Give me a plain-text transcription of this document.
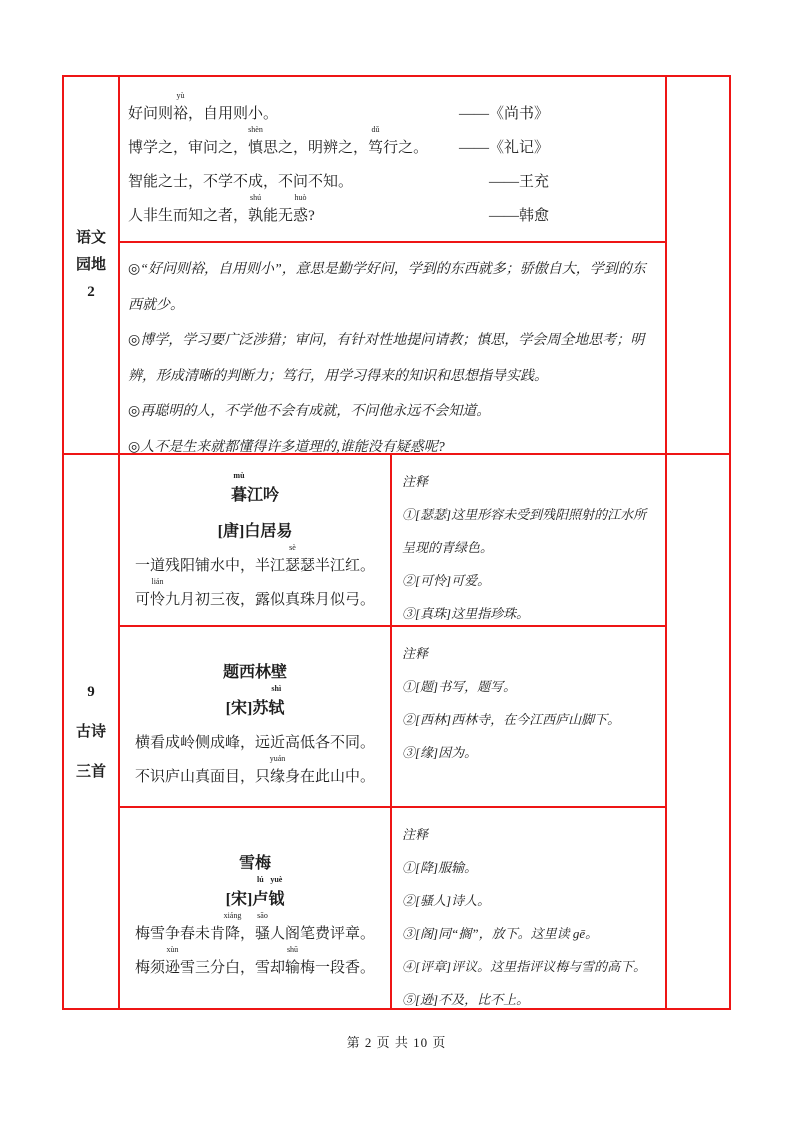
语文
园地
2
9
古诗
三首
好问则裕
yù
，自用则小。	——《尚书》
博学之，审问之，慎
shèn
思之，明辨之，笃
dǔ
行之。 ——《礼记》
智能之士，不学不成，不问不知。	——王充
人非生而知之者，孰
shú
能无惑
huò
?	——韩愈
◎“好问则裕，自用则小”，意思是勤学好问，学到的东西就多；骄傲自大，学到的东西就少。
◎博学，学习要广泛涉猎；审问，有针对性地提问请教；慎思，学会周全地思考；明辨，形成清晰的判断力；笃行，用学习得来的知识和思想指导实践。
◎再聪明的人，不学他不会有成就，不问他永远不会知道。
◎人不是生来就都懂得许多道理的,谁能没有疑惑呢?
暮
mù
江吟
[唐]白居易
一道残阳铺水中，半江 瑟
sè
瑟半江红。
可 怜
lián
九月初三夜，露似真珠月似弓。
注释
①[瑟瑟]这里形容未受到残阳照射的江水所呈现的青绿色。
②[可怜]可爱。
③[真珠]这里指珍珠。
题西林壁
[宋]苏 轼
shì
横看成岭侧成峰，远近高低各不同。
不识庐山真面目，只 缘
yuán
身在此山中。
注释
①[题]书写，题写。
②[西林]西林寺，在今江西庐山脚下。
③[缘]因为。
雪梅
[宋] 卢
lú
钺
yuè
梅雪争春未肯 降
xiáng
， 骚
sāo
人阁笔费评章。
梅须 逊
xùn
雪三分白，雪却 输
shū
梅一段香。
注释
①[降]服输。
②[骚人]诗人。
③[阁]同“搁”，放下。这里读 gē。
④[评章]评议。这里指评议梅与雪的高下。
⑤[逊]不及，比不上。
第 2 页 共 10 页
